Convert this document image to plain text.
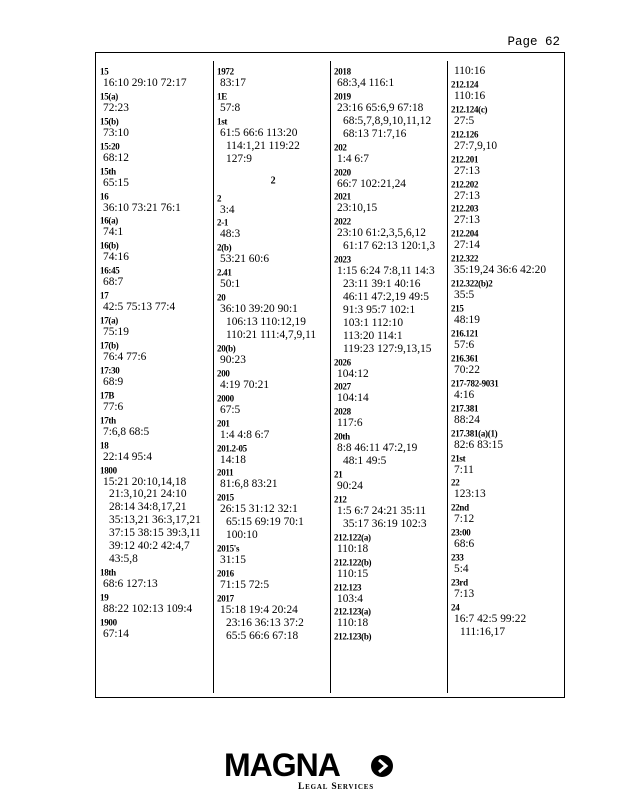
Page 62
15
16:10 29:10 72:17
15(a)
72:23
15(b)
73:10
15:20
68:12
15th
65:15
16
36:10 73:21 76:1
16(a)
74:1
16(b)
74:16
16:45
68:7
17
42:5 75:13 77:4
17(a)
75:19
17(b)
76:4 77:6
17:30
68:9
17B
77:6
17th
7:6,8 68:5
18
22:14 95:4
1800
15:21 20:10,14,18
21:3,10,21 24:10
28:14 34:8,17,21
35:13,21 36:3,17,21
37:15 38:15 39:3,11
39:12 40:2 42:4,7
43:5,8
18th
68:6 127:13
19
88:22 102:13 109:4
1900
67:14
1972
83:17
1E
57:8
1st
61:5 66:6 113:20
114:1,21 119:22
127:9
2
2
3:4
2-1
48:3
2(b)
53:21 60:6
2.41
50:1
20
36:10 39:20 90:1
106:13 110:12,19
110:21 111:4,7,9,11
20(b)
90:23
200
4:19 70:21
2000
67:5
201
1:4 4:8 6:7
201.2-05
14:18
2011
81:6,8 83:21
2015
26:15 31:12 32:1
65:15 69:19 70:1
100:10
2015's
31:15
2016
71:15 72:5
2017
15:18 19:4 20:24
23:16 36:13 37:2
65:5 66:6 67:18
2018
68:3,4 116:1
2019
23:16 65:6,9 67:18
68:5,7,8,9,10,11,12
68:13 71:7,16
202
1:4 6:7
2020
66:7 102:21,24
2021
23:10,15
2022
23:10 61:2,3,5,6,12
61:17 62:13 120:1,3
2023
1:15 6:24 7:8,11 14:3
23:11 39:1 40:16
46:11 47:2,19 49:5
91:3 95:7 102:1
103:1 112:10
113:20 114:1
119:23 127:9,13,15
2026
104:12
2027
104:14
2028
117:6
20th
8:8 46:11 47:2,19
48:1 49:5
21
90:24
212
1:5 6:7 24:21 35:11
35:17 36:19 102:3
212.122(a)
110:18
212.122(b)
110:15
212.123
103:4
212.123(a)
110:18
212.123(b)
110:16
212.124
110:16
212.124(c)
27:5
212.126
27:7,9,10
212.201
27:13
212.202
27:13
212.203
27:13
212.204
27:14
212.322
35:19,24 36:6 42:20
212.322(b)2
35:5
215
48:19
216.121
57:6
216.361
70:22
217-782-9031
4:16
217.381
88:24
217.381(a)(1)
82:6 83:15
21st
7:11
22
123:13
22nd
7:12
23:00
68:6
233
5:4
23rd
7:13
24
16:7 42:5 99:22
111:16,17
MAGNA
Legal Services
